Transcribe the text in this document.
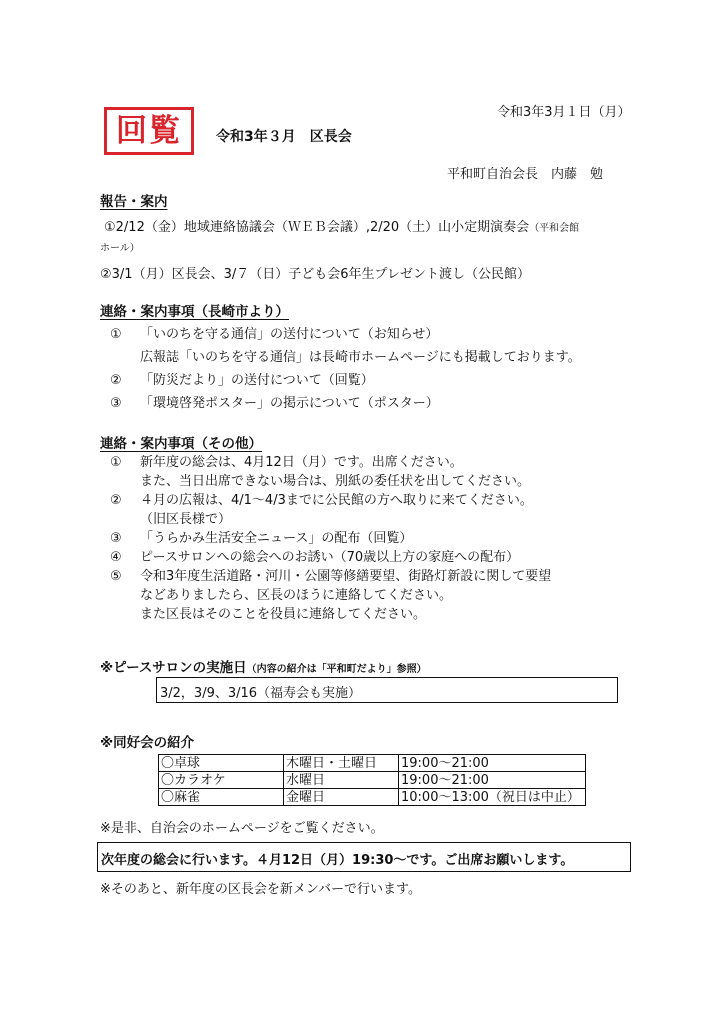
令和3年3月１日（月）
回覧	令和3年３月　区長会
平和町自治会長　内藤　勉
報告・案内
①2/12（金）地域連絡協議会（ＷＥＢ会議）,2/20（土）山小定期演奏会（平和会館
ホール）
②3/1（月）区長会、3/７（日）子ども会6年生プレゼント渡し（公民館）
連絡・案内事項（長崎市より）
① 「いのちを守る通信」の送付について（お知らせ）
広報誌「いのちを守る通信」は長崎市ホームページにも掲載しております。
② 「防災だより」の送付について（回覧）
③ 「環境啓発ポスター」の掲示について（ポスター）
連絡・案内事項（その他）
① 新年度の総会は、4月12日（月）です。出席ください。
また、当日出席できない場合は、別紙の委任状を出してください。
② ４月の広報は、4/1～4/3までに公民館の方へ取りに来てください。
（旧区長様で）
③ 「うらかみ生活安全ニュース」の配布（回覧）
④ ピースサロンへの総会へのお誘い（70歳以上方の家庭への配布）
⑤ 令和3年度生活道路・河川・公園等修繕要望、街路灯新設に関して要望
などありましたら、区長のほうに連絡してください。
また区長はそのことを役員に連絡してください。
※ピースサロンの実施日（内容の紹介は「平和町だより」参照）
3/2，3/9、3/16（福寿会も実施）
※同好会の紹介
〇卓球	木曜日・土曜日	19:00～21:00
〇カラオケ	水曜日	19:00～21:00
〇麻雀	金曜日	10:00～13:00（祝日は中止）
※是非、自治会のホームページをご覧ください。
次年度の総会に行います。４月12日（月）19:30～です。ご出席お願いします。
※そのあと、新年度の区長会を新メンバーで行います。
